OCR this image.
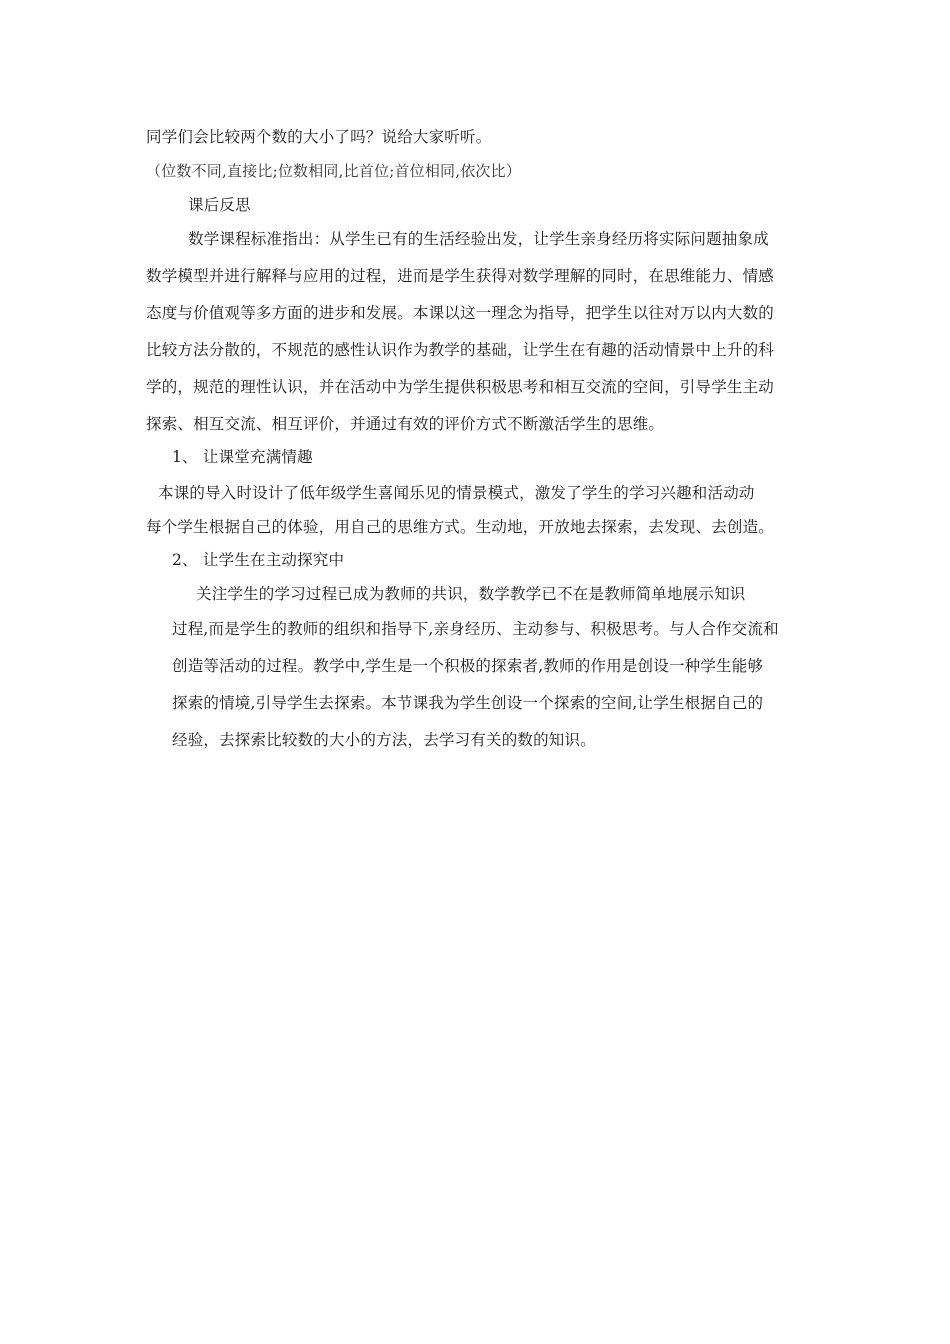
同学们会比较两个数的大小了吗？说给大家听听。
（位数不同,直接比;位数相同,比首位;首位相同,依次比）
课后反思
数学课程标准指出：从学生已有的生活经验出发，让学生亲身经历将实际问题抽象成
数学模型并进行解释与应用的过程，进而是学生获得对数学理解的同时，在思维能力、情感
态度与价值观等多方面的进步和发展。本课以这一理念为指导，把学生以往对万以内大数的
比较方法分散的，不规范的感性认识作为教学的基础，让学生在有趣的活动情景中上升的科
学的，规范的理性认识，并在活动中为学生提供积极思考和相互交流的空间，引导学生主动
探索、相互交流、相互评价，并通过有效的评价方式不断激活学生的思维。
1、 让课堂充满情趣
本课的导入时设计了低年级学生喜闻乐见的情景模式，激发了学生的学习兴趣和活动动
每个学生根据自己的体验，用自己的思维方式。生动地，开放地去探索，去发现、去创造。
2、 让学生在主动探究中
关注学生的学习过程已成为教师的共识，数学教学已不在是教师简单地展示知识
过程,而是学生的教师的组织和指导下,亲身经历、主动参与、积极思考。与人合作交流和
创造等活动的过程。教学中,学生是一个积极的探索者,教师的作用是创设一种学生能够
探索的情境,引导学生去探索。本节课我为学生创设一个探索的空间,让学生根据自己的
经验，去探索比较数的大小的方法，去学习有关的数的知识。
